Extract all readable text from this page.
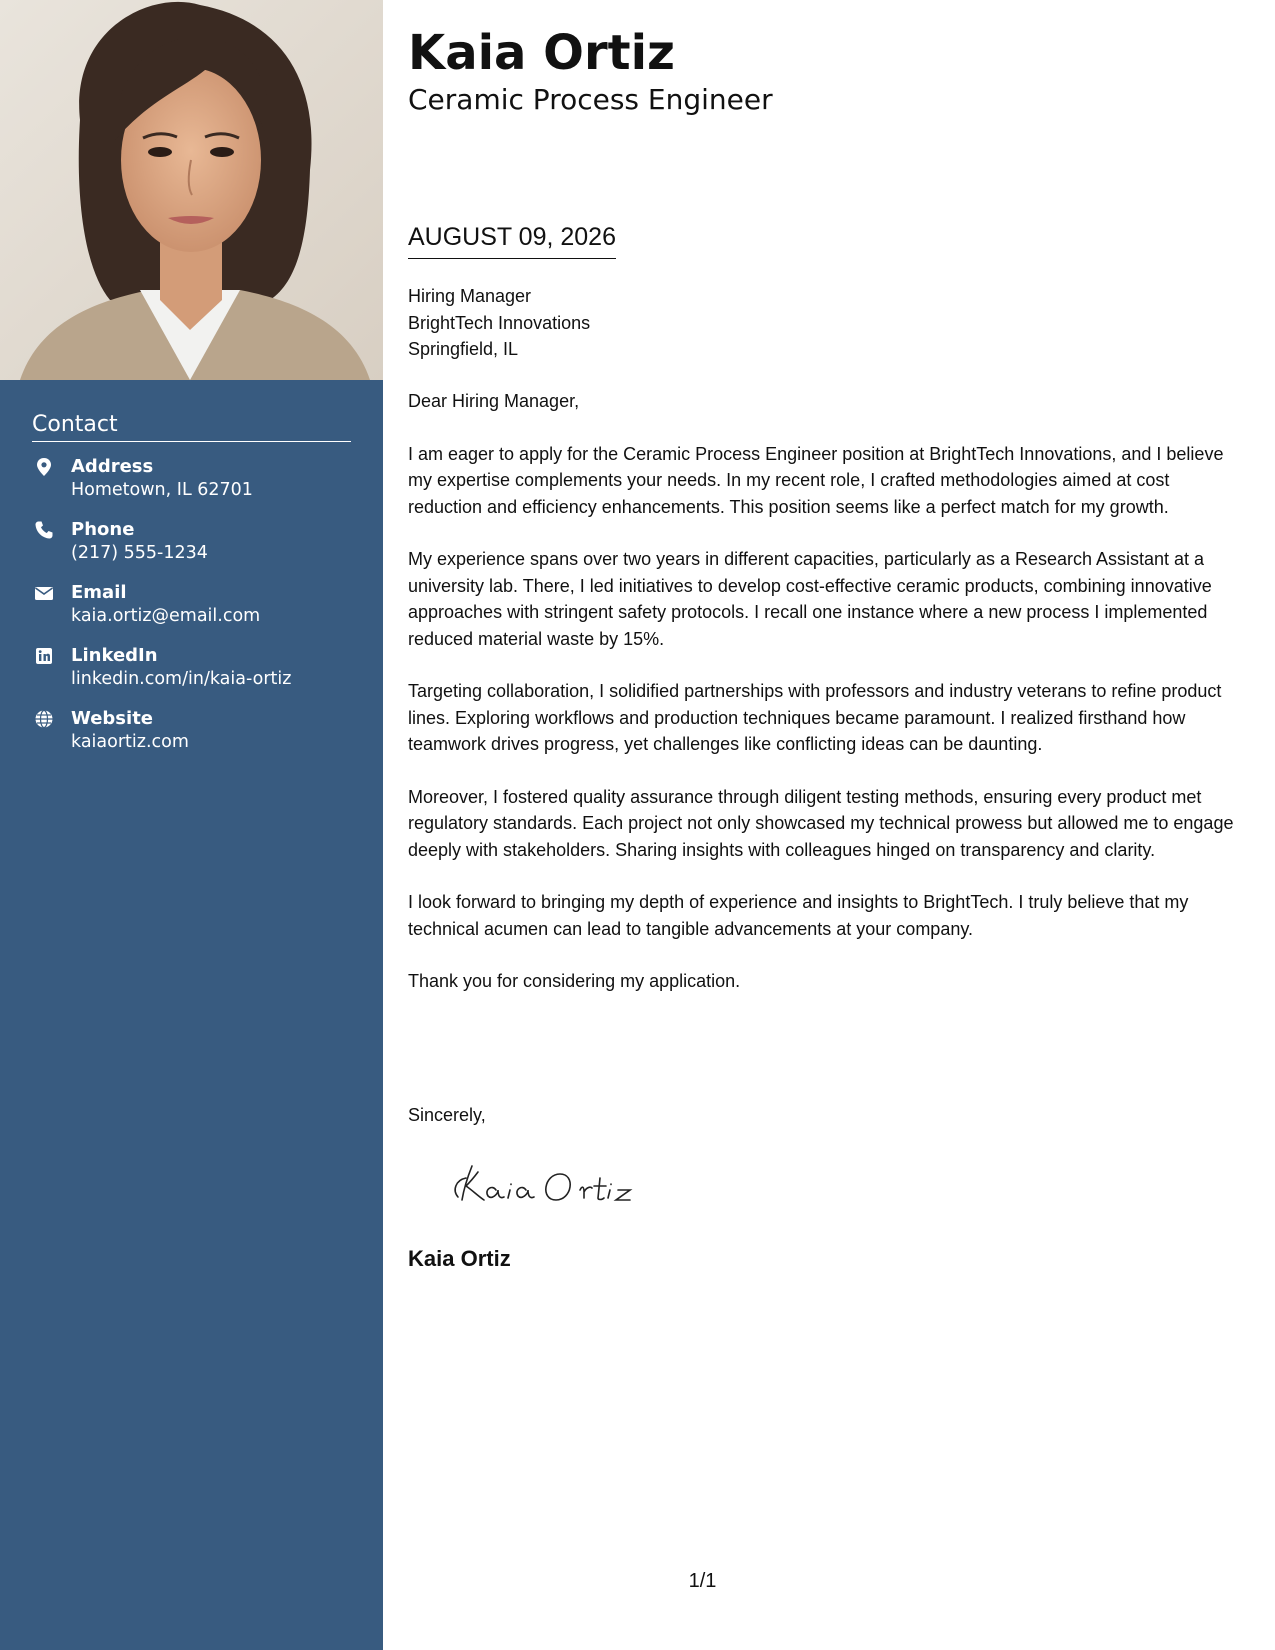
Contact
Address
Hometown, IL 62701
Phone
(217) 555-1234
Email
kaia.ortiz@email.com
LinkedIn
linkedin.com/in/kaia-ortiz
Website
kaiaortiz.com
Kaia Ortiz
Ceramic Process Engineer
AUGUST 09, 2026
Hiring Manager
BrightTech Innovations
Springfield, IL

Dear Hiring Manager,

I am eager to apply for the Ceramic Process Engineer position at BrightTech Innovations, and I believe my expertise complements your needs. In my recent role, I crafted methodologies aimed at cost reduction and efficiency enhancements. This position seems like a perfect match for my growth.

My experience spans over two years in different capacities, particularly as a Research Assistant at a university lab. There, I led initiatives to develop cost-effective ceramic products, combining innovative approaches with stringent safety protocols. I recall one instance where a new process I implemented reduced material waste by 15%.

Targeting collaboration, I solidified partnerships with professors and industry veterans to refine product lines. Exploring workflows and production techniques became paramount. I realized firsthand how teamwork drives progress, yet challenges like conflicting ideas can be daunting.

Moreover, I fostered quality assurance through diligent testing methods, ensuring every product met regulatory standards. Each project not only showcased my technical prowess but allowed me to engage deeply with stakeholders. Sharing insights with colleagues hinged on transparency and clarity.

I look forward to bringing my depth of experience and insights to BrightTech. I truly believe that my technical acumen can lead to tangible advancements at your company.

Thank you for considering my application.

Sincerely,
Kaia Ortiz
1/1
